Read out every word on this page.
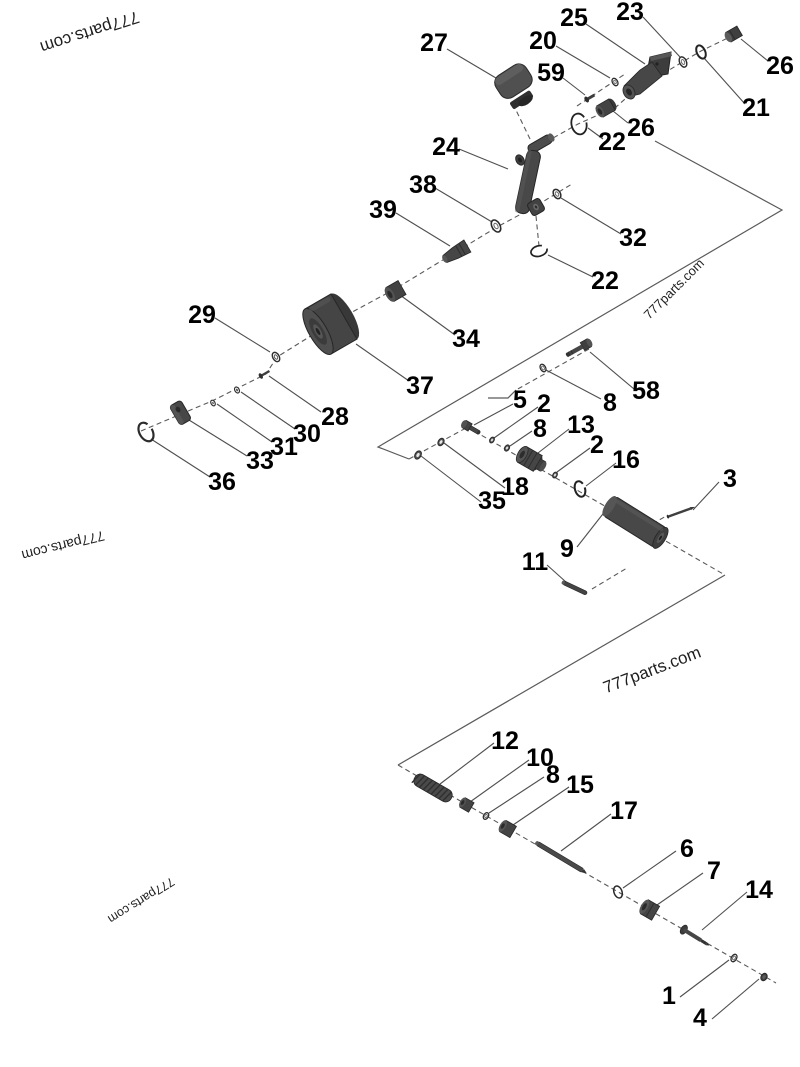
777parts.com
777parts.com
777parts.com
777parts.com
777parts.com
27	20
25 23
26
21
59
22 26
32
22
24
38
39
34
37
29
28
30
31
33
36
5 2
8 13
2
16
8 58
18
35
9
11
3
12
10
8 15
17
6
7
14
1
4
